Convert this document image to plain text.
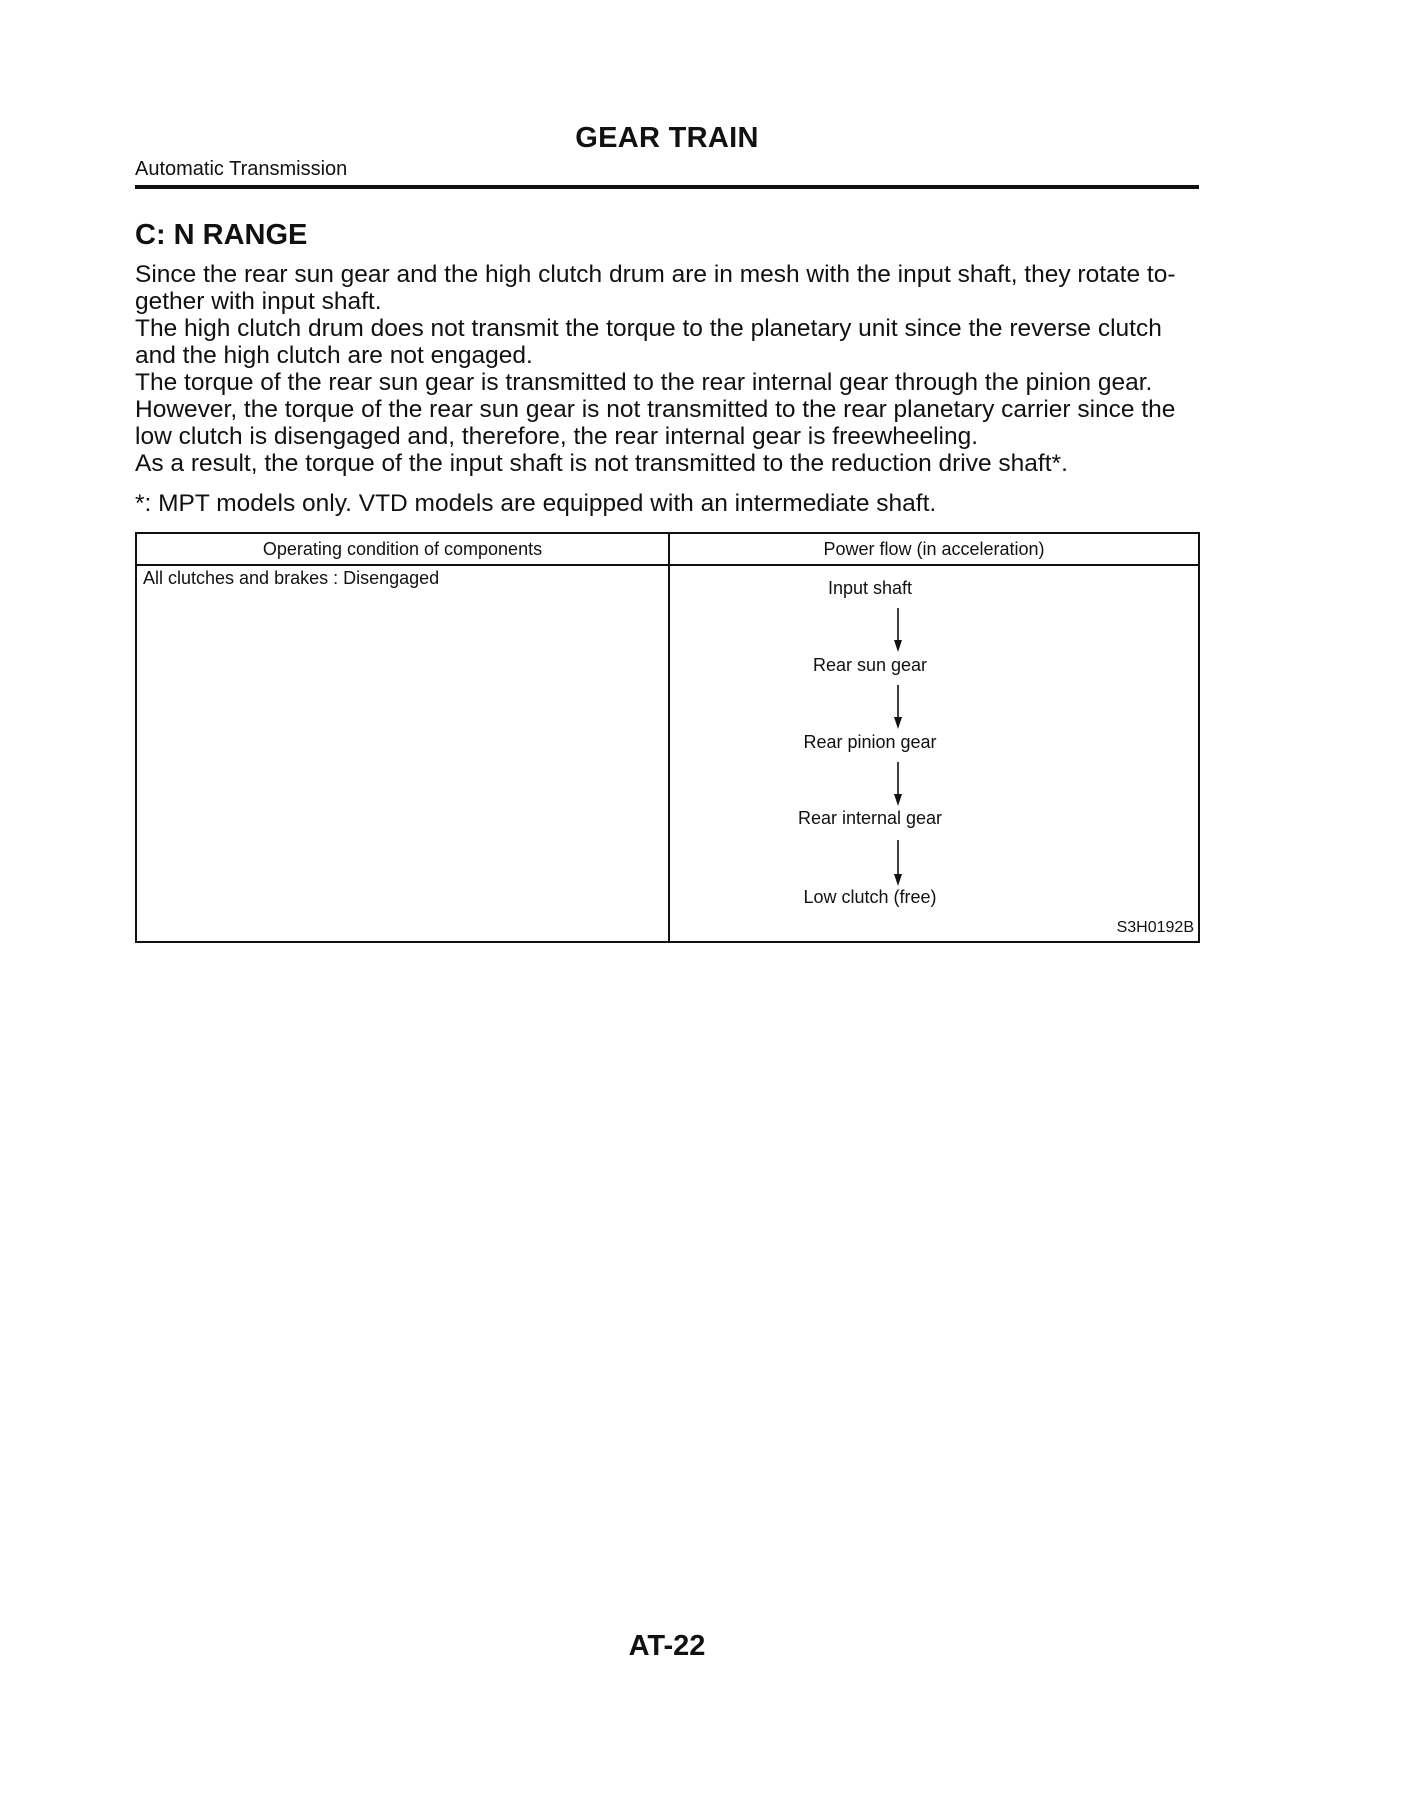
GEAR TRAIN
Automatic Transmission
C: N RANGE

Since the rear sun gear and the high clutch drum are in mesh with the input shaft, they rotate to-gether with input shaft.

The high clutch drum does not transmit the torque to the planetary unit since the reverse clutch and the high clutch are not engaged.

The torque of the rear sun gear is transmitted to the rear internal gear through the pinion gear. However, the torque of the rear sun gear is not transmitted to the rear planetary carrier since the low clutch is disengaged and, therefore, the rear internal gear is freewheeling.

As a result, the torque of the input shaft is not transmitted to the reduction drive shaft*.

*: MPT models only. VTD models are equipped with an intermediate shaft.
Operating condition of components	Power flow (in acceleration)
All clutches and brakes : Disengaged	Input shaft
Rear sun gear
Rear pinion gear
Rear internal gear
Low clutch (free)
S3H0192B
AT-22
